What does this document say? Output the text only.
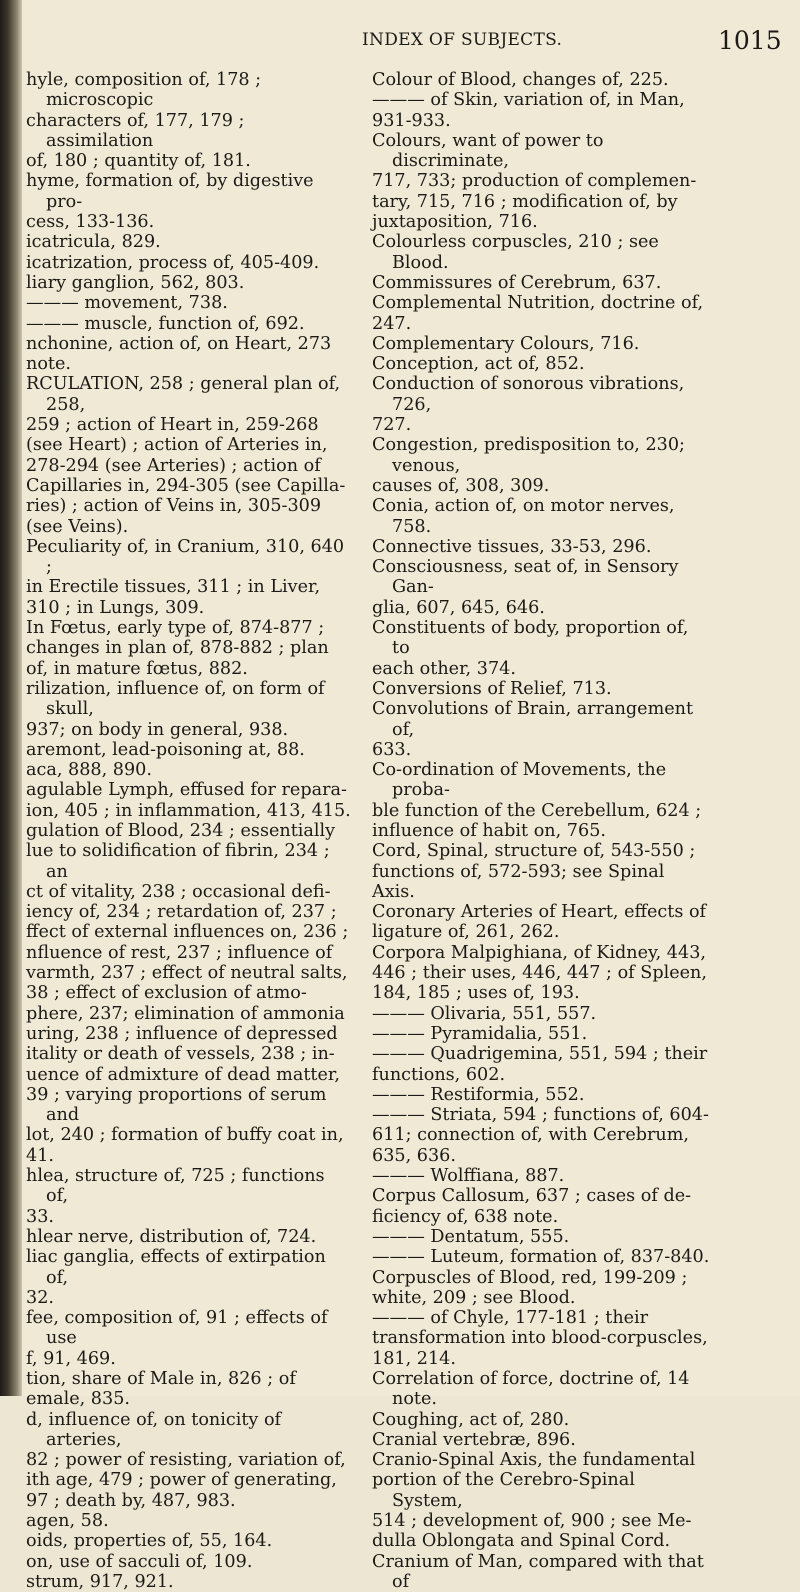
INDEX OF SUBJECTS.	1015
hyle, composition of, 178 ; microscopic
characters of, 177, 179 ; assimilation
of, 180 ; quantity of, 181.
hyme, formation of, by digestive pro-
cess, 133-136.
icatricula, 829.
icatrization, process of, 405-409.
liary ganglion, 562, 803.
——— movement, 738.
——— muscle, function of, 692.
nchonine, action of, on Heart, 273
note.
RCULATION, 258 ; general plan of, 258,
259 ; action of Heart in, 259-268
(see Heart) ; action of Arteries in,
278-294 (see Arteries) ; action of
Capillaries in, 294-305 (see Capilla-
ries) ; action of Veins in, 305-309
(see Veins).
Peculiarity of, in Cranium, 310, 640 ;
in Erectile tissues, 311 ; in Liver,
310 ; in Lungs, 309.
In Fœtus, early type of, 874-877 ;
changes in plan of, 878-882 ; plan
of, in mature fœtus, 882.
rilization, influence of, on form of skull,
937; on body in general, 938.
aremont, lead-poisoning at, 88.
aca, 888, 890.
agulable Lymph, effused for repara-
ion, 405 ; in inflammation, 413, 415.
gulation of Blood, 234 ; essentially
lue to solidification of fibrin, 234 ; an
ct of vitality, 238 ; occasional defi-
iency of, 234 ; retardation of, 237 ;
ffect of external influences on, 236 ;
nfluence of rest, 237 ; influence of
varmth, 237 ; effect of neutral salts,
38 ; effect of exclusion of atmo-
phere, 237; elimination of ammonia
uring, 238 ; influence of depressed
itality or death of vessels, 238 ; in-
uence of admixture of dead matter,
39 ; varying proportions of serum and
lot, 240 ; formation of buffy coat in,
41.
hlea, structure of, 725 ; functions of,
33.
hlear nerve, distribution of, 724.
liac ganglia, effects of extirpation of,
32.
fee, composition of, 91 ; effects of use
f, 91, 469.
tion, share of Male in, 826 ; of
emale, 835.
d, influence of, on tonicity of arteries,
82 ; power of resisting, variation of,
ith age, 479 ; power of generating,
97 ; death by, 487, 983.
agen, 58.
oids, properties of, 55, 164.
on, use of sacculi of, 109.
strum, 917, 921.
Colour of Blood, changes of, 225.
——— of Skin, variation of, in Man,
931-933.
Colours, want of power to discriminate,
717, 733; production of complemen-
tary, 715, 716 ; modification of, by
juxtaposition, 716.
Colourless corpuscles, 210 ; see Blood.
Commissures of Cerebrum, 637.
Complemental Nutrition, doctrine of,
247.
Complementary Colours, 716.
Conception, act of, 852.
Conduction of sonorous vibrations, 726,
727.
Congestion, predisposition to, 230; venous,
causes of, 308, 309.
Conia, action of, on motor nerves, 758.
Connective tissues, 33-53, 296.
Consciousness, seat of, in Sensory Gan-
glia, 607, 645, 646.
Constituents of body, proportion of, to
each other, 374.
Conversions of Relief, 713.
Convolutions of Brain, arrangement of,
633.
Co-ordination of Movements, the proba-
ble function of the Cerebellum, 624 ;
influence of habit on, 765.
Cord, Spinal, structure of, 543-550 ;
functions of, 572-593; see Spinal
Axis.
Coronary Arteries of Heart, effects of
ligature of, 261, 262.
Corpora Malpighiana, of Kidney, 443,
446 ; their uses, 446, 447 ; of Spleen,
184, 185 ; uses of, 193.
——— Olivaria, 551, 557.
——— Pyramidalia, 551.
——— Quadrigemina, 551, 594 ; their
functions, 602.
——— Restiformia, 552.
——— Striata, 594 ; functions of, 604-
611; connection of, with Cerebrum,
635, 636.
——— Wolffiana, 887.
Corpus Callosum, 637 ; cases of de-
ficiency of, 638 note.
——— Dentatum, 555.
——— Luteum, formation of, 837-840.
Corpuscles of Blood, red, 199-209 ;
white, 209 ; see Blood.
——— of Chyle, 177-181 ; their
transformation into blood-corpuscles,
181, 214.
Correlation of force, doctrine of, 14 note.
Coughing, act of, 280.
Cranial vertebræ, 896.
Cranio-Spinal Axis, the fundamental
portion of the Cerebro-Spinal System,
514 ; development of, 900 ; see Me-
dulla Oblongata and Spinal Cord.
Cranium of Man, compared with that of
